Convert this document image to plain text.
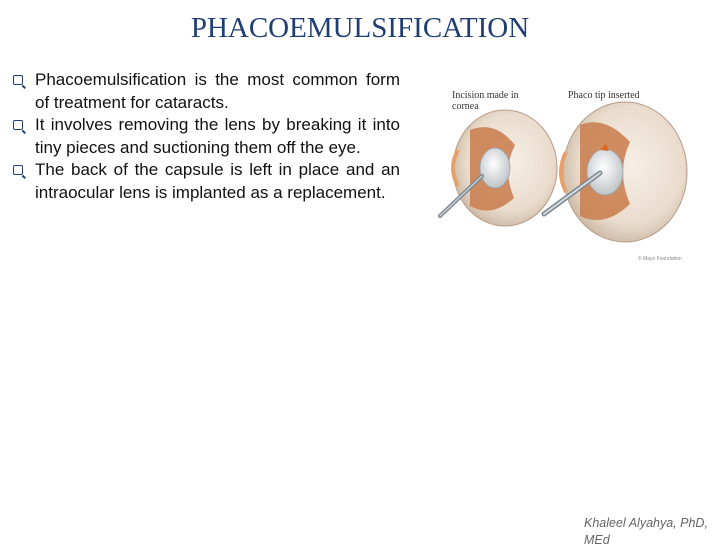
PHACOEMULSIFICATION
Phacoemulsification is the most common form of treatment for cataracts.
It involves removing the lens by breaking it into tiny pieces and suctioning them off the eye.
The back of the capsule is left in place and an intraocular lens is implanted as a replacement.
Incision made in
cornea
Phaco tip inserted
© Mayo Foundation
Khaleel Alyahya, PhD, MEd
